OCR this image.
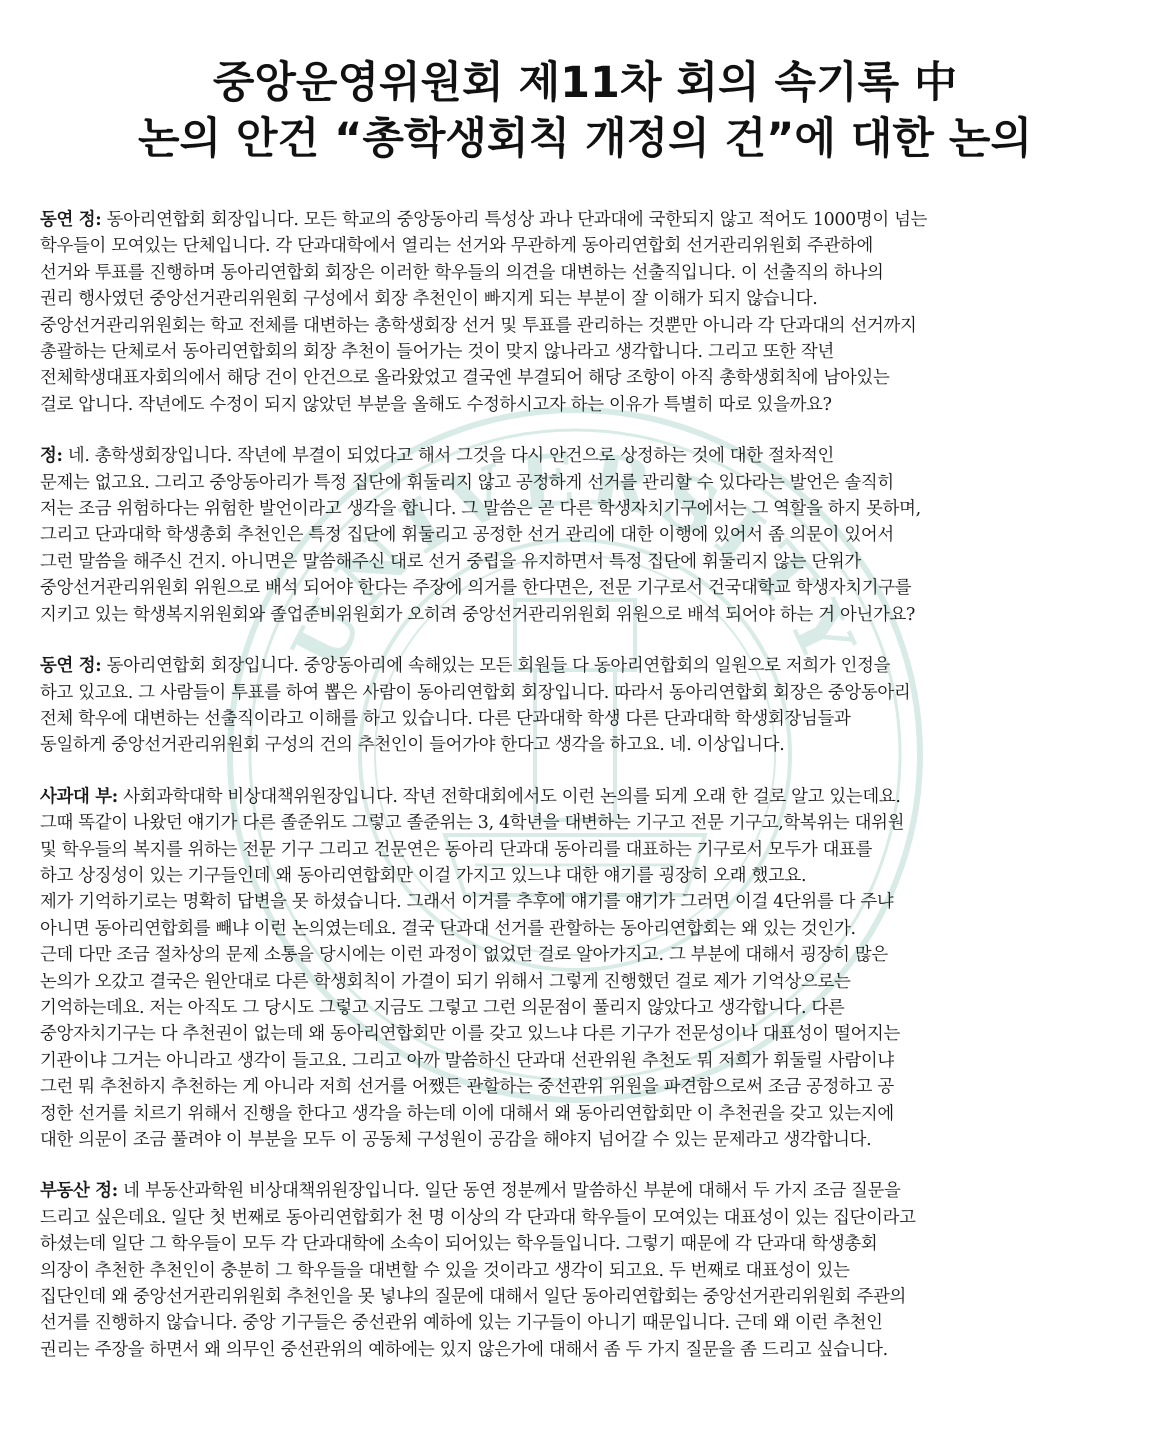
UNIVERSITY
중앙운영위원회 제11차 회의 속기록 中
논의 안건 “총학생회칙 개정의 건”에 대한 논의

동연 정: 동아리연합회 회장입니다. 모든 학교의 중앙동아리 특성상 과나 단과대에 국한되지 않고 적어도 1000명이 넘는
학우들이 모여있는 단체입니다. 각 단과대학에서 열리는 선거와 무관하게 동아리연합회 선거관리위원회 주관하에
선거와 투표를 진행하며 동아리연합회 회장은 이러한 학우들의 의견을 대변하는 선출직입니다. 이 선출직의 하나의
권리 행사였던 중앙선거관리위원회 구성에서 회장 추천인이 빠지게 되는 부분이 잘 이해가 되지 않습니다.
중앙선거관리위원회는 학교 전체를 대변하는 총학생회장 선거 및 투표를 관리하는 것뿐만 아니라 각 단과대의 선거까지
총괄하는 단체로서 동아리연합회의 회장 추천이 들어가는 것이 맞지 않나라고 생각합니다. 그리고 또한 작년
전체학생대표자회의에서 해당 건이 안건으로 올라왔었고 결국엔 부결되어 해당 조항이 아직 총학생회칙에 남아있는
걸로 압니다. 작년에도 수정이 되지 않았던 부분을 올해도 수정하시고자 하는 이유가 특별히 따로 있을까요?

정: 네. 총학생회장입니다. 작년에 부결이 되었다고 해서 그것을 다시 안건으로 상정하는 것에 대한 절차적인
문제는 없고요. 그리고 중앙동아리가 특정 집단에 휘둘리지 않고 공정하게 선거를 관리할 수 있다라는 발언은 솔직히
저는 조금 위험하다는 위험한 발언이라고 생각을 합니다. 그 말씀은 곧 다른 학생자치기구에서는 그 역할을 하지 못하며,
그리고 단과대학 학생총회 추천인은 특정 집단에 휘둘리고 공정한 선거 관리에 대한 이행에 있어서 좀 의문이 있어서
그런 말씀을 해주신 건지. 아니면은 말씀해주신 대로 선거 중립을 유지하면서 특정 집단에 휘둘리지 않는 단위가
중앙선거관리위원회 위원으로 배석 되어야 한다는 주장에 의거를 한다면은, 전문 기구로서 건국대학교 학생자치기구를
지키고 있는 학생복지위원회와 졸업준비위원회가 오히려 중앙선거관리위원회 위원으로 배석 되어야 하는 거 아닌가요?

동연 정: 동아리연합회 회장입니다. 중앙동아리에 속해있는 모든 회원들 다 동아리연합회의 일원으로 저희가 인정을
하고 있고요. 그 사람들이 투표를 하여 뽑은 사람이 동아리연합회 회장입니다. 따라서 동아리연합회 회장은 중앙동아리
전체 학우에 대변하는 선출직이라고 이해를 하고 있습니다. 다른 단과대학 학생 다른 단과대학 학생회장님들과
동일하게 중앙선거관리위원회 구성의 건의 추천인이 들어가야 한다고 생각을 하고요. 네. 이상입니다.

사과대 부: 사회과학대학 비상대책위원장입니다. 작년 전학대회에서도 이런 논의를 되게 오래 한 걸로 알고 있는데요.
그때 똑같이 나왔던 얘기가 다른 졸준위도 그렇고 졸준위는 3, 4학년을 대변하는 기구고 전문 기구고,학복위는 대위원
및 학우들의 복지를 위하는 전문 기구 그리고 건문연은 동아리 단과대 동아리를 대표하는 기구로서 모두가 대표를
하고 상징성이 있는 기구들인데 왜 동아리연합회만 이걸 가지고 있느냐 대한 얘기를 굉장히 오래 했고요.
제가 기억하기로는 명확히 답변을 못 하셨습니다. 그래서 이거를 추후에 얘기를 얘기가 그러면 이걸 4단위를 다 주냐
아니면 동아리연합회를 빼냐 이런 논의였는데요. 결국 단과대 선거를 관할하는 동아리연합회는 왜 있는 것인가.
근데 다만 조금 절차상의 문제 소통을 당시에는 이런 과정이 없었던 걸로 알아가지고. 그 부분에 대해서 굉장히 많은
논의가 오갔고 결국은 원안대로 다른 학생회칙이 가결이 되기 위해서 그렇게 진행했던 걸로 제가 기억상으로는
기억하는데요. 저는 아직도 그 당시도 그렇고 지금도 그렇고 그런 의문점이 풀리지 않았다고 생각합니다. 다른
중앙자치기구는 다 추천권이 없는데 왜 동아리연합회만 이를 갖고 있느냐 다른 기구가 전문성이나 대표성이 떨어지는
기관이냐 그거는 아니라고 생각이 들고요. 그리고 아까 말씀하신 단과대 선관위원 추천도 뭐 저희가 휘둘릴 사람이냐
그런 뭐 추천하지 추천하는 게 아니라 저희 선거를 어쨌든 관할하는 중선관위 위원을 파견함으로써 조금 공정하고 공
정한 선거를 치르기 위해서 진행을 한다고 생각을 하는데 이에 대해서 왜 동아리연합회만 이 추천권을 갖고 있는지에
대한 의문이 조금 풀려야 이 부분을 모두 이 공동체 구성원이 공감을 해야지 넘어갈 수 있는 문제라고 생각합니다.

부동산 정: 네 부동산과학원 비상대책위원장입니다. 일단 동연 정분께서 말씀하신 부분에 대해서 두 가지 조금 질문을
드리고 싶은데요. 일단 첫 번째로 동아리연합회가 천 명 이상의 각 단과대 학우들이 모여있는 대표성이 있는 집단이라고
하셨는데 일단 그 학우들이 모두 각 단과대학에 소속이 되어있는 학우들입니다. 그렇기 때문에 각 단과대 학생총회
의장이 추천한 추천인이 충분히 그 학우들을 대변할 수 있을 것이라고 생각이 되고요. 두 번째로 대표성이 있는
집단인데 왜 중앙선거관리위원회 추천인을 못 넣냐의 질문에 대해서 일단 동아리연합회는 중앙선거관리위원회 주관의
선거를 진행하지 않습니다. 중앙 기구들은 중선관위 예하에 있는 기구들이 아니기 때문입니다. 근데 왜 이런 추천인
권리는 주장을 하면서 왜 의무인 중선관위의 예하에는 있지 않은가에 대해서 좀 두 가지 질문을 좀 드리고 싶습니다.
